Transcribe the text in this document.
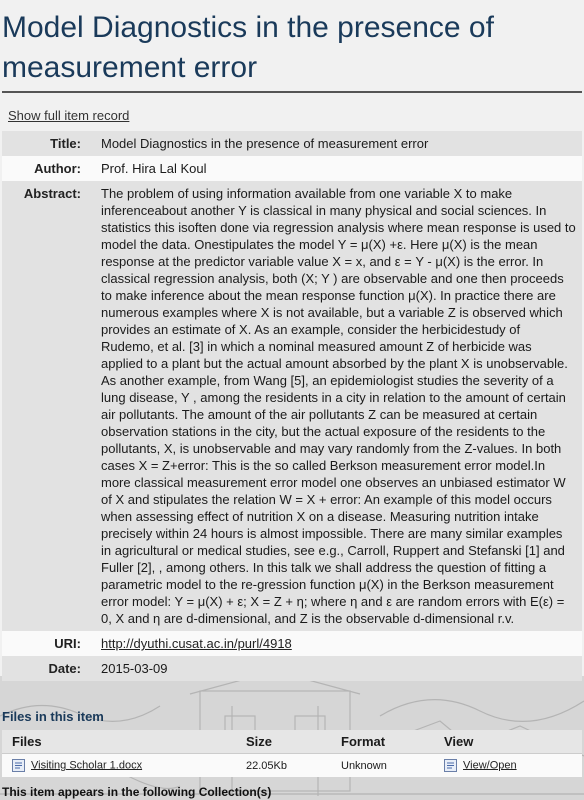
Model Diagnostics in the presence of measurement error
Show full item record
Title:	Model Diagnostics in the presence of measurement error
Author:	Prof. Hira Lal Koul
Abstract:	The problem of using information available from one variable X to make inferenceabout another Y is classical in many physical and social sciences. In statistics this isoften done via regression analysis where mean response is used to model the data. Onestipulates the model Y = μ(X) +ε. Here μ(X) is the mean response at the predictor variable value X = x, and ε = Y - μ(X) is the error. In classical regression analysis, both (X; Y ) are observable and one then proceeds to make inference about the mean response function μ(X). In practice there are numerous examples where X is not available, but a variable Z is observed which provides an estimate of X. As an example, consider the herbicidestudy of Rudemo, et al. [3] in which a nominal measured amount Z of herbicide was applied to a plant but the actual amount absorbed by the plant X is unobservable. As another example, from Wang [5], an epidemiologist studies the severity of a lung disease, Y , among the residents in a city in relation to the amount of certain air pollutants. The amount of the air pollutants Z can be measured at certain observation stations in the city, but the actual exposure of the residents to the pollutants, X, is unobservable and may vary randomly from the Z-values. In both cases X = Z+error: This is the so called Berkson measurement error model.In more classical measurement error model one observes an unbiased estimator W of X and stipulates the relation W = X + error: An example of this model occurs when assessing effect of nutrition X on a disease. Measuring nutrition intake precisely within 24 hours is almost impossible. There are many similar examples in agricultural or medical studies, see e.g., Carroll, Ruppert and Stefanski [1] and Fuller [2], , among others. In this talk we shall address the question of fitting a parametric model to the re-gression function μ(X) in the Berkson measurement error model: Y = μ(X) + ε; X = Z + η; where η and ε are random errors with E(ε) = 0, X and η are d-dimensional, and Z is the observable d-dimensional r.v.
URI:	http://dyuthi.cusat.ac.in/purl/4918
Date:	2015-03-09
Files in this item
Files	Size	Format	View
Visiting Scholar 1.docx	22.05Kb	Unknown	View/Open
This item appears in the following Collection(s)
